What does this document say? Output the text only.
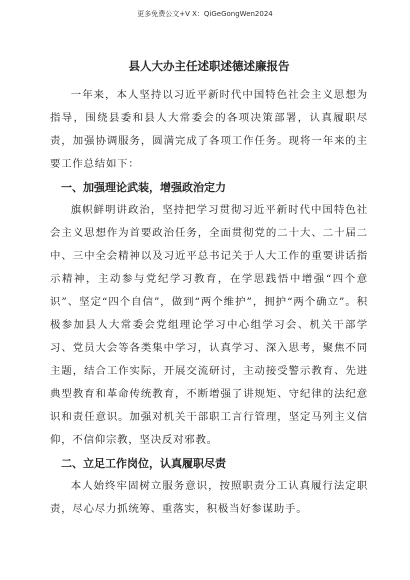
更多免费公文+V X：QiGeGongWen2024
县人大办主任述职述德述廉报告

一年来，本人坚持以习近平新时代中国特色社会主义思想为指导，围绕县委和县人大常委会的各项决策部署，认真履职尽责，加强协调服务，圆满完成了各项工作任务。现将一年来的主要工作总结如下：

一、加强理论武装，增强政治定力

旗帜鲜明讲政治，坚持把学习贯彻习近平新时代中国特色社会主义思想作为首要政治任务，全面贯彻党的二十大、二十届二中、三中全会精神以及习近平总书记关于人大工作的重要讲话指示精神，主动参与党纪学习教育，在学思践悟中增强“四个意识”、坚定“四个自信”，做到“两个维护”，拥护“两个确立”。积极参加县人大常委会党组理论学习中心组学习会、机关干部学习、党员大会等各类集中学习，认真学习、深入思考，聚焦不同主题，结合工作实际，开展交流研讨，主动接受警示教育、先进典型教育和革命传统教育，不断增强了讲规矩、守纪律的法纪意识和责任意识。加强对机关干部职工言行管理，坚定马列主义信仰，不信仰宗教，坚决反对邪教。

二、立足工作岗位，认真履职尽责

本人始终牢固树立服务意识，按照职责分工认真履行法定职责，尽心尽力抓统筹、重落实，积极当好参谋助手。
